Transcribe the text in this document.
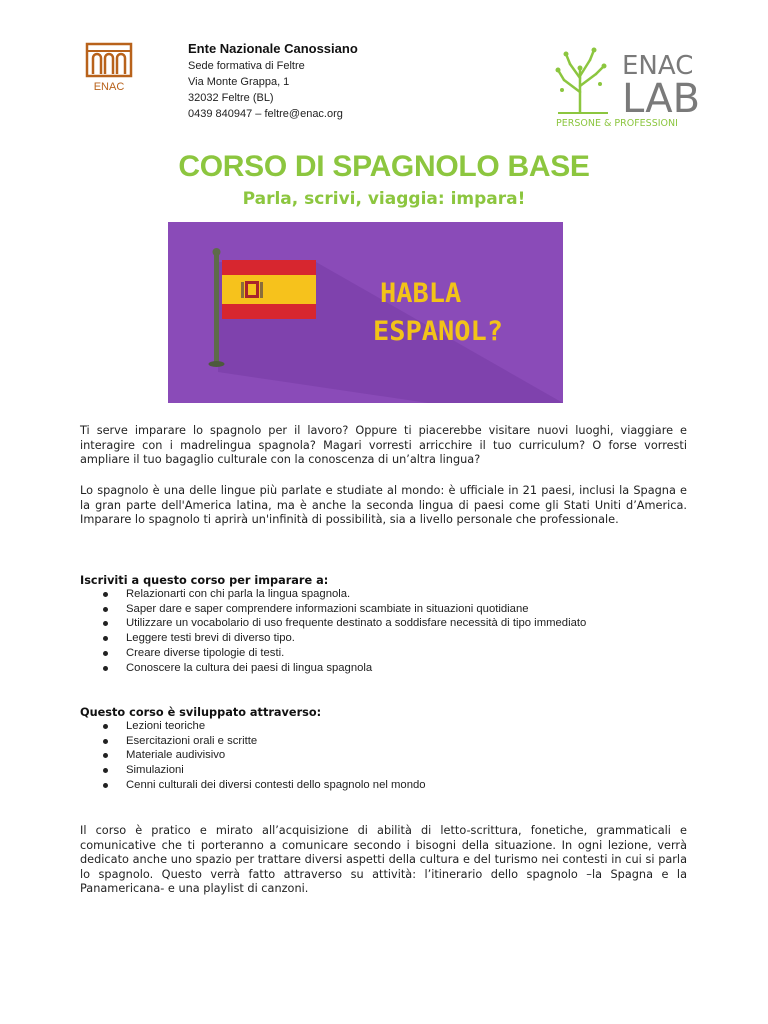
ENAC
Ente Nazionale Canossiano
Sede formativa di Feltre
Via Monte Grappa, 1
32032 Feltre (BL)
0439 840947 – feltre@enac.org
ENAC
LAB
PERSONE & PROFESSIONI
CORSO DI SPAGNOLO BASE
Parla, scrivi, viaggia: impara!
HABLA
ESPANOL?
Ti serve imparare lo spagnolo per il lavoro? Oppure ti piacerebbe visitare nuovi luoghi, viaggiare e interagire con i madrelingua spagnola? Magari vorresti arricchire il tuo curriculum? O forse vorresti ampliare il tuo bagaglio culturale con la conoscenza di un’altra lingua?
Lo spagnolo è una delle lingue più parlate e studiate al mondo: è ufficiale in 21 paesi, inclusi la Spagna e la gran parte dell'America latina, ma è anche la seconda lingua di paesi come gli Stati Uniti d’America. Imparare lo spagnolo ti aprirà un'infinità di possibilità, sia a livello personale che professionale.
Iscriviti a questo corso per imparare a:
Relazionarti con chi parla la lingua spagnola.
Saper dare e saper comprendere informazioni scambiate in situazioni quotidiane
Utilizzare un vocabolario di uso frequente destinato a soddisfare necessità di tipo immediato
Leggere testi brevi di diverso tipo.
Creare diverse tipologie di testi.
Conoscere la cultura dei paesi di lingua spagnola
Questo corso è sviluppato attraverso:
Lezioni teoriche
Esercitazioni orali e scritte
Materiale audivisivo
Simulazioni
Cenni culturali dei diversi contesti dello spagnolo nel mondo
Il corso è pratico e mirato all’acquisizione di abilità di letto-scrittura, fonetiche, grammaticali e comunicative che ti porteranno a comunicare secondo i bisogni della situazione. In ogni lezione, verrà dedicato anche uno spazio per trattare diversi aspetti della cultura e del turismo nei contesti in cui si parla lo spagnolo. Questo verrà fatto attraverso su attività: l’itinerario dello spagnolo –la Spagna e la Panamericana- e una playlist di canzoni.
